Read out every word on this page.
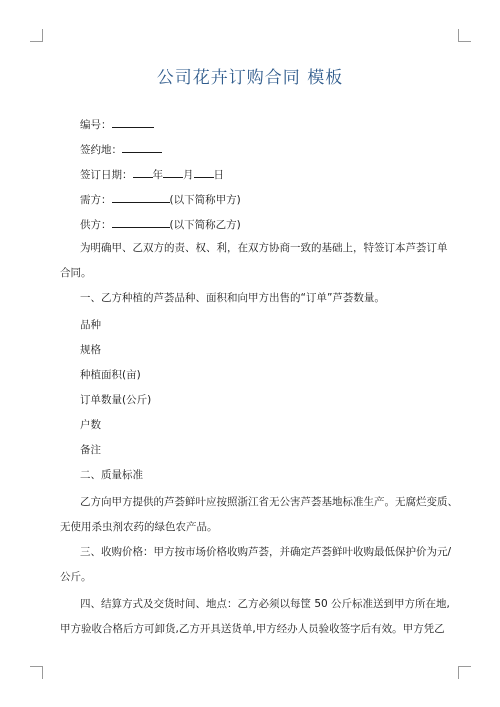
公司花卉订购合同 模板
编号：
签约地：
签订日期： 年 月 日
需方：	(以下简称甲方)
供方：	(以下简称乙方)
为明确甲、乙双方的责、权、利，在双方协商一致的基础上，特签订本芦荟订单
合同。
一、乙方种植的芦荟品种、面积和向甲方出售的“订单”芦荟数量。
品种
规格
种植面积(亩)
订单数量(公斤)
户数
备注
二、质量标准
乙方向甲方提供的芦荟鲜叶应按照浙江省无公害芦荟基地标准生产。无腐烂变质、
无使用杀虫剂农药的绿色农产品。
三、收购价格：甲方按市场价格收购芦荟，并确定芦荟鲜叶收购最低保护价为元/
公斤。
四、结算方式及交货时间、地点：乙方必须以每筐 50 公斤标准送到甲方所在地,
甲方验收合格后方可卸货,乙方开具送货单,甲方经办人员验收签字后有效。甲方凭乙
